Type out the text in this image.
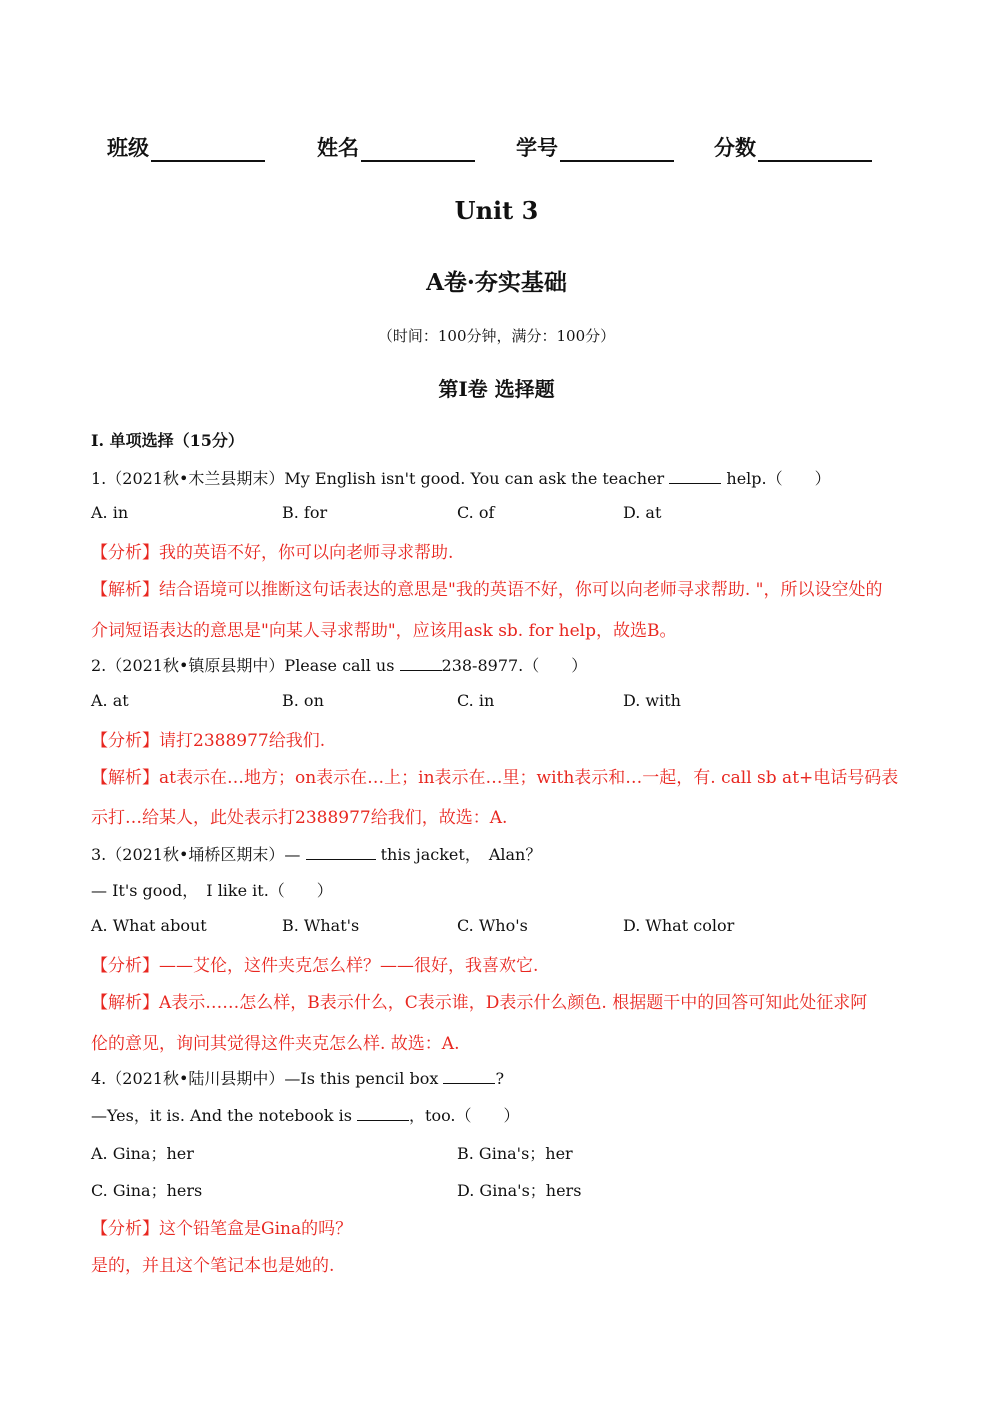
班级	姓名	学号	分数
Unit 3
A卷·夯实基础
（时间：100分钟，满分：100分）
第I卷 选择题
I. 单项选择（15分）
1.（2021秋•木兰县期末）My English isn't good. You can ask the teacher	help.（　　）
A. in	B. for	C. of	D. at
【分析】我的英语不好，你可以向老师寻求帮助.
【解析】结合语境可以推断这句话表达的意思是"我的英语不好，你可以向老师寻求帮助. "，所以设空处的
介词短语表达的意思是"向某人寻求帮助"，应该用ask sb. for help，故选B。
2.（2021秋•镇原县期中）Please call us	238-8977.（　　）
A. at	B. on	C. in	D. with
【分析】请打2388977给我们.
【解析】at表示在…地方；on表示在…上；in表示在…里；with表示和…一起，有. call sb at+电话号码表
示打…给某人，此处表示打2388977给我们，故选：A.
3.（2021秋•埇桥区期末）—	this jacket，　Alan？
— It's good，　I like it.（　　）
A. What about	B. What's	C. Who's	D. What color
【分析】——艾伦，这件夹克怎么样？——很好，我喜欢它.
【解析】A表示……怎么样，B表示什么，C表示谁，D表示什么颜色. 根据题干中的回答可知此处征求阿
伦的意见，询问其觉得这件夹克怎么样. 故选：A.
4.（2021秋•陆川县期中）—Is this pencil box	?
—Yes，it is. And the notebook is	，too.（　　）
A. Gina；her	B. Gina's；her
C. Gina；hers	D. Gina's；hers
【分析】这个铅笔盒是Gina的吗？
是的，并且这个笔记本也是她的.
